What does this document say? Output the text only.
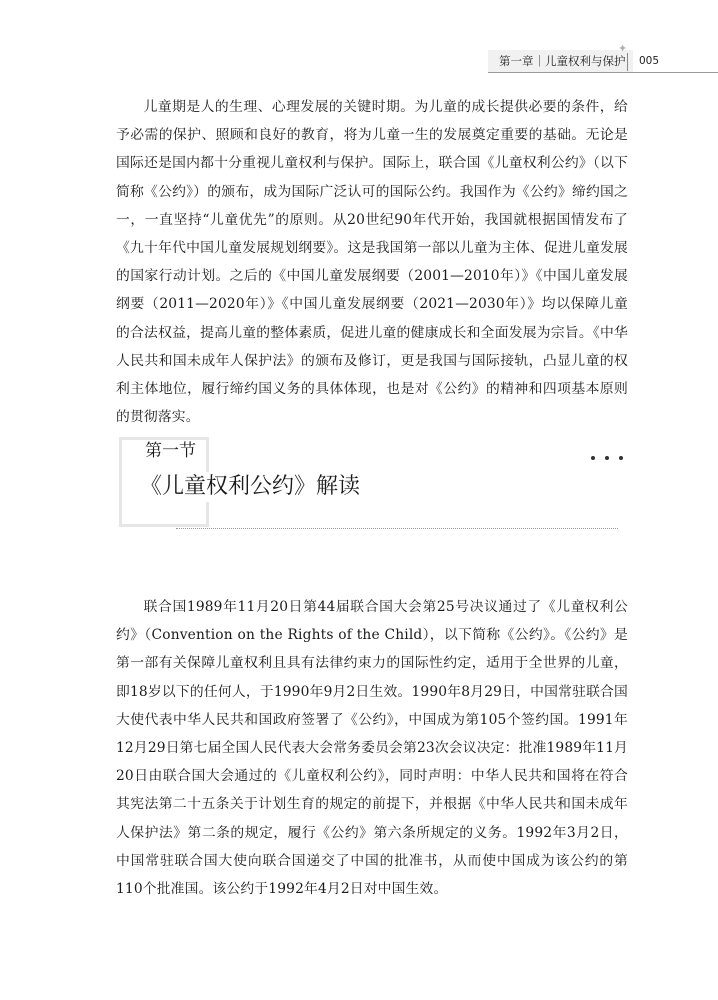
✦
第一章｜儿童权利与保护 005

儿童期是人的生理、心理发展的关键时期。为儿童的成长提供必要的条件，给予必需的保护、照顾和良好的教育，将为儿童一生的发展奠定重要的基础。无论是国际还是国内都十分重视儿童权利与保护。国际上，联合国《儿童权利公约》（以下简称《公约》）的颁布，成为国际广泛认可的国际公约。我国作为《公约》缔约国之一，一直坚持“儿童优先”的原则。从20世纪90年代开始，我国就根据国情发布了《九十年代中国儿童发展规划纲要》。这是我国第一部以儿童为主体、促进儿童发展的国家行动计划。之后的《中国儿童发展纲要（2001—2010年）》《中国儿童发展纲要（2011—2020年）》《中国儿童发展纲要（2021—2030年）》均以保障儿童的合法权益，提高儿童的整体素质，促进儿童的健康成长和全面发展为宗旨。《中华人民共和国未成年人保护法》的颁布及修订，更是我国与国际接轨，凸显儿童的权利主体地位，履行缔约国义务的具体体现，也是对《公约》的精神和四项基本原则的贯彻落实。

第一节
《儿童权利公约》解读

联合国1989年11月20日第44届联合国大会第25号决议通过了《儿童权利公约》（Convention on the Rights of the Child），以下简称《公约》。《公约》是第一部有关保障儿童权利且具有法律约束力的国际性约定，适用于全世界的儿童，即18岁以下的任何人，于1990年9月2日生效。1990年8月29日，中国常驻联合国大使代表中华人民共和国政府签署了《公约》，中国成为第105个签约国。1991年12月29日第七届全国人民代表大会常务委员会第23次会议决定：批准1989年11月20日由联合国大会通过的《儿童权利公约》，同时声明：中华人民共和国将在符合其宪法第二十五条关于计划生育的规定的前提下，并根据《中华人民共和国未成年人保护法》第二条的规定，履行《公约》第六条所规定的义务。1992年3月2日，中国常驻联合国大使向联合国递交了中国的批准书，从而使中国成为该公约的第110个批准国。该公约于1992年4月2日对中国生效。
